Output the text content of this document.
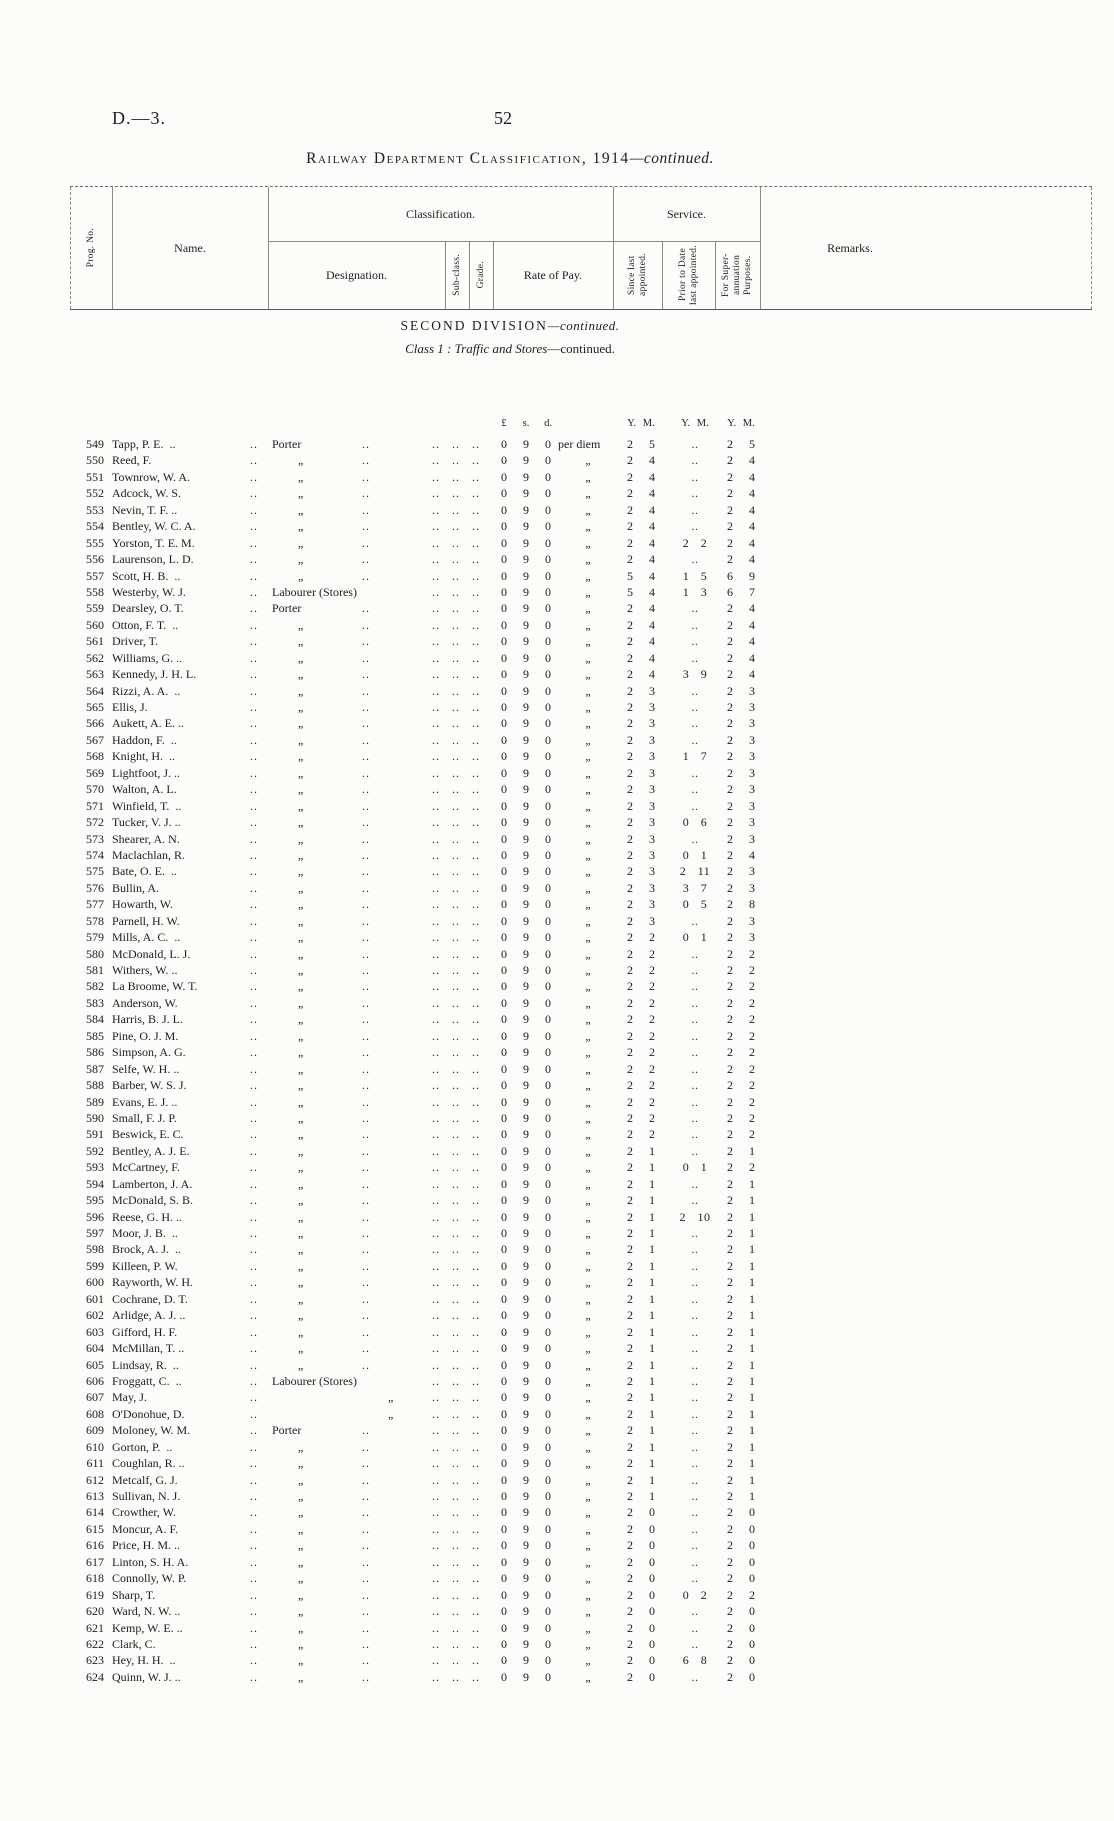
D.—3.	52
Railway Department Classification, 1914—continued.
Prog. No.	Name.
Classification.
Designation.	Sub-class. Grade.	Rate of Pay.
Service.
Since last appointed.	Prior to Date last appointed. For Super- annuation Purposes.
Remarks.
SECOND DIVISION—continued.
Class 1 : Traffic and Stores—continued.
£	s.	d.	Y. M.	Y. M.	Y. M.
549 Tapp, P. E.  ..	.. Porter	..	.. .. ..	0	9	0 per diem	2	5	..	2	5
550 Reed, F.	..	„	..	.. .. ..	0	9	0	„	2	4	..	2	4
551 Townrow, W. A.	..	„	..	.. .. ..	0	9	0	„	2	4	..	2	4
552 Adcock, W. S.	..	„	..	.. .. ..	0	9	0	„	2	4	..	2	4
553 Nevin, T. F. ..	..	„	..	.. .. ..	0	9	0	„	2	4	..	2	4
554 Bentley, W. C. A.	..	„	..	.. .. ..	0	9	0	„	2	4	..	2	4
555 Yorston, T. E. M.	..	„	..	.. .. ..	0	9	0	„	2	4	2 2	2	4
556 Laurenson, L. D.	..	„	..	.. .. ..	0	9	0	„	2	4	..	2	4
557 Scott, H. B.  ..	..	„	..	.. .. ..	0	9	0	„	5	4	1 5	6	9
558 Westerby, W. J.	.. Labourer (Stores)	.. .. ..	0	9	0	„	5	4	1 3	6	7
559 Dearsley, O. T.	.. Porter	..	.. .. ..	0	9	0	„	2	4	..	2	4
560 Otton, F. T.  ..	..	„	..	.. .. ..	0	9	0	„	2	4	..	2	4
561 Driver, T.	..	„	..	.. .. ..	0	9	0	„	2	4	..	2	4
562 Williams, G. ..	..	„	..	.. .. ..	0	9	0	„	2	4	..	2	4
563 Kennedy, J. H. L.	..	„	..	.. .. ..	0	9	0	„	2	4	3 9	2	4
564 Rizzi, A. A.  ..	..	„	..	.. .. ..	0	9	0	„	2	3	..	2	3
565 Ellis, J.	..	„	..	.. .. ..	0	9	0	„	2	3	..	2	3
566 Aukett, A. E. ..	..	„	..	.. .. ..	0	9	0	„	2	3	..	2	3
567 Haddon, F.  ..	..	„	..	.. .. ..	0	9	0	„	2	3	..	2	3
568 Knight, H.  ..	..	„	..	.. .. ..	0	9	0	„	2	3	1 7	2	3
569 Lightfoot, J. ..	..	„	..	.. .. ..	0	9	0	„	2	3	..	2	3
570 Walton, A. L.	..	„	..	.. .. ..	0	9	0	„	2	3	..	2	3
571 Winfield, T.  ..	..	„	..	.. .. ..	0	9	0	„	2	3	..	2	3
572 Tucker, V. J. ..	..	„	..	.. .. ..	0	9	0	„	2	3	0 6	2	3
573 Shearer, A. N.	..	„	..	.. .. ..	0	9	0	„	2	3	..	2	3
574 Maclachlan, R.	..	„	..	.. .. ..	0	9	0	„	2	3	0 1	2	4
575 Bate, O. E.  ..	..	„	..	.. .. ..	0	9	0	„	2	3	2 11	2	3
576 Bullin, A.	..	„	..	.. .. ..	0	9	0	„	2	3	3 7	2	3
577 Howarth, W.	..	„	..	.. .. ..	0	9	0	„	2	3	0 5	2	8
578 Parnell, H. W.	..	„	..	.. .. ..	0	9	0	„	2	3	..	2	3
579 Mills, A. C.  ..	..	„	..	.. .. ..	0	9	0	„	2	2	0 1	2	3
580 McDonald, L. J.	..	„	..	.. .. ..	0	9	0	„	2	2	..	2	2
581 Withers, W. ..	..	„	..	.. .. ..	0	9	0	„	2	2	..	2	2
582 La Broome, W. T.	..	„	..	.. .. ..	0	9	0	„	2	2	..	2	2
583 Anderson, W.	..	„	..	.. .. ..	0	9	0	„	2	2	..	2	2
584 Harris, B. J. L.	..	„	..	.. .. ..	0	9	0	„	2	2	..	2	2
585 Pine, O. J. M.	..	„	..	.. .. ..	0	9	0	„	2	2	..	2	2
586 Simpson, A. G.	..	„	..	.. .. ..	0	9	0	„	2	2	..	2	2
587 Selfe, W. H. ..	..	„	..	.. .. ..	0	9	0	„	2	2	..	2	2
588 Barber, W. S. J.	..	„	..	.. .. ..	0	9	0	„	2	2	..	2	2
589 Evans, E. J. ..	..	„	..	.. .. ..	0	9	0	„	2	2	..	2	2
590 Small, F. J. P.	..	„	..	.. .. ..	0	9	0	„	2	2	..	2	2
591 Beswick, E. C.	..	„	..	.. .. ..	0	9	0	„	2	2	..	2	2
592 Bentley, A. J. E.	..	„	..	.. .. ..	0	9	0	„	2	1	..	2	1
593 McCartney, F.	..	„	..	.. .. ..	0	9	0	„	2	1	0 1	2	2
594 Lamberton, J. A.	..	„	..	.. .. ..	0	9	0	„	2	1	..	2	1
595 McDonald, S. B.	..	„	..	.. .. ..	0	9	0	„	2	1	..	2	1
596 Reese, G. H. ..	..	„	..	.. .. ..	0	9	0	„	2	1	2 10	2	1
597 Moor, J. B.  ..	..	„	..	.. .. ..	0	9	0	„	2	1	..	2	1
598 Brock, A. J.  ..	..	„	..	.. .. ..	0	9	0	„	2	1	..	2	1
599 Killeen, P. W.	..	„	..	.. .. ..	0	9	0	„	2	1	..	2	1
600 Rayworth, W. H.	..	„	..	.. .. ..	0	9	0	„	2	1	..	2	1
601 Cochrane, D. T.	..	„	..	.. .. ..	0	9	0	„	2	1	..	2	1
602 Arlidge, A. J. ..	..	„	..	.. .. ..	0	9	0	„	2	1	..	2	1
603 Gifford, H. F.	..	„	..	.. .. ..	0	9	0	„	2	1	..	2	1
604 McMillan, T. ..	..	„	..	.. .. ..	0	9	0	„	2	1	..	2	1
605 Lindsay, R.  ..	..	„	..	.. .. ..	0	9	0	„	2	1	..	2	1
606 Froggatt, C.  ..	.. Labourer (Stores)	.. .. ..	0	9	0	„	2	1	..	2	1
607 May, J.	..	„	.. .. ..	0	9	0	„	2	1	..	2	1
608 O'Donohue, D.	..	„	.. .. ..	0	9	0	„	2	1	..	2	1
609 Moloney, W. M.	.. Porter	..	.. .. ..	0	9	0	„	2	1	..	2	1
610 Gorton, P.  ..	..	„	..	.. .. ..	0	9	0	„	2	1	..	2	1
611 Coughlan, R. ..	..	„	..	.. .. ..	0	9	0	„	2	1	..	2	1
612 Metcalf, G. J.	..	„	..	.. .. ..	0	9	0	„	2	1	..	2	1
613 Sullivan, N. J.	..	„	..	.. .. ..	0	9	0	„	2	1	..	2	1
614 Crowther, W.	..	„	..	.. .. ..	0	9	0	„	2	0	..	2	0
615 Moncur, A. F.	..	„	..	.. .. ..	0	9	0	„	2	0	..	2	0
616 Price, H. M. ..	..	„	..	.. .. ..	0	9	0	„	2	0	..	2	0
617 Linton, S. H. A.	..	„	..	.. .. ..	0	9	0	„	2	0	..	2	0
618 Connolly, W. P.	..	„	..	.. .. ..	0	9	0	„	2	0	..	2	0
619 Sharp, T.	..	„	..	.. .. ..	0	9	0	„	2	0	0 2	2	2
620 Ward, N. W. ..	..	„	..	.. .. ..	0	9	0	„	2	0	..	2	0
621 Kemp, W. E. ..	..	„	..	.. .. ..	0	9	0	„	2	0	..	2	0
622 Clark, C.	..	„	..	.. .. ..	0	9	0	„	2	0	..	2	0
623 Hey, H. H.  ..	..	„	..	.. .. ..	0	9	0	„	2	0	6 8	2	0
624 Quinn, W. J. ..	..	„	..	.. .. ..	0	9	0	„	2	0	..	2	0
